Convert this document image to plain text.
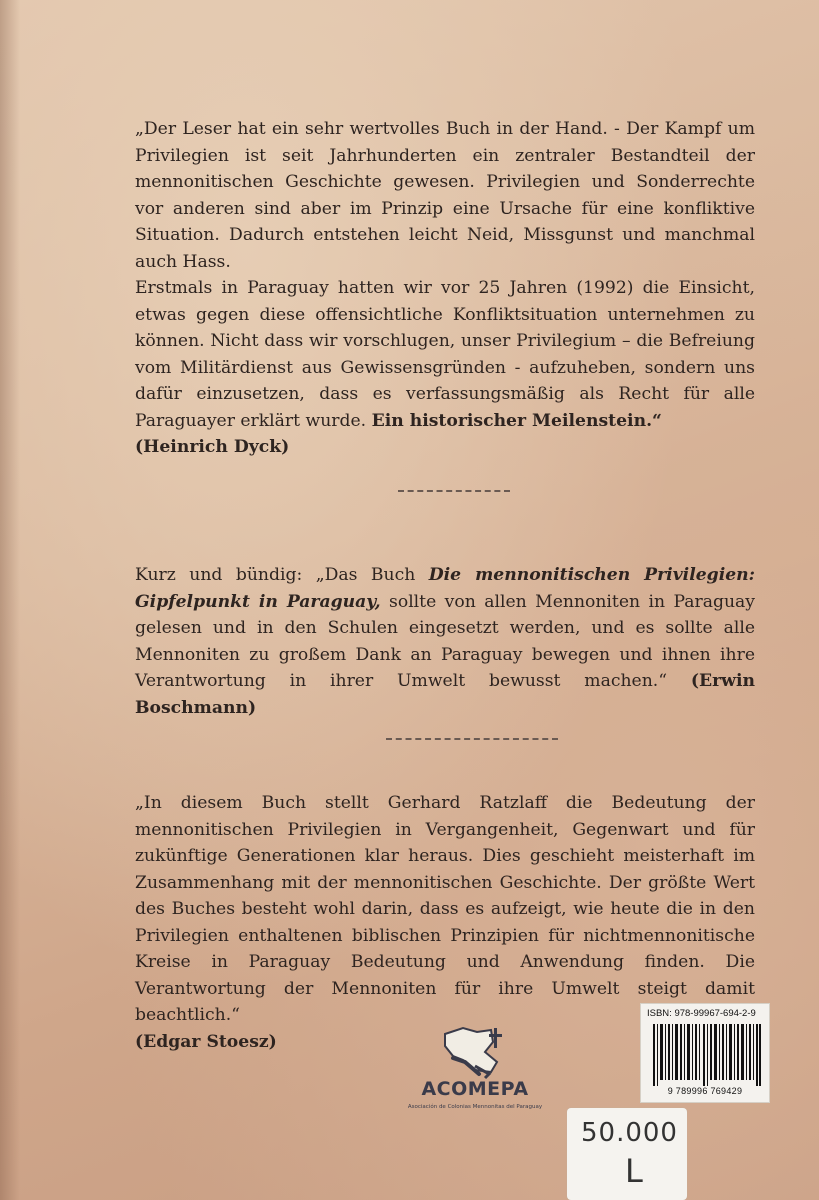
„Der Leser hat ein sehr wertvolles Buch in der Hand. - Der Kampf um Privilegien ist seit Jahrhunderten ein zentraler Bestandteil der mennonitischen Geschichte gewesen. Privilegien und Sonderrechte vor anderen sind aber im Prinzip eine Ursache für eine konfliktive Situation. Dadurch entstehen leicht Neid, Missgunst und manchmal auch Hass.

Erstmals in Paraguay hatten wir vor 25 Jahren (1992) die Einsicht, etwas gegen diese offensichtliche Konfliktsituation unternehmen zu können. Nicht dass wir vorschlugen, unser Privilegium – die Befreiung vom Militärdienst aus Gewissensgründen - aufzuheben, sondern uns dafür einzusetzen, dass es verfassungsmäßig als Recht für alle Paraguayer erklärt wurde. Ein historischer Meilenstein.“

(Heinrich Dyck)

Kurz und bündig: „Das Buch Die mennonitischen Privilegien: Gipfelpunkt in Paraguay, sollte von allen Mennoniten in Paraguay gelesen und in den Schulen eingesetzt werden, und es sollte alle Mennoniten zu großem Dank an Paraguay bewegen und ihnen ihre Verantwortung in ihrer Umwelt bewusst machen.“ (Erwin Boschmann)

„In diesem Buch stellt Gerhard Ratzlaff die Bedeutung der mennonitischen Privilegien in Vergangenheit, Gegenwart und für zukünftige Generationen klar heraus. Dies geschieht meisterhaft im Zusammenhang mit der mennonitischen Geschichte. Der größte Wert des Buches besteht wohl darin, dass es aufzeigt, wie heute die in den Privilegien enthaltenen biblischen Prinzipien für nichtmennonitische Kreise in Paraguay Bedeutung und Anwendung finden. Die Verantwortung der Mennoniten für ihre Umwelt steigt damit beachtlich.“

(Edgar Stoesz)

ACOMEPA
Asociación de Colonias Mennonitas del Paraguay
ISBN: 978-99967-694-2-9
9 789996 769429
50.000
L
